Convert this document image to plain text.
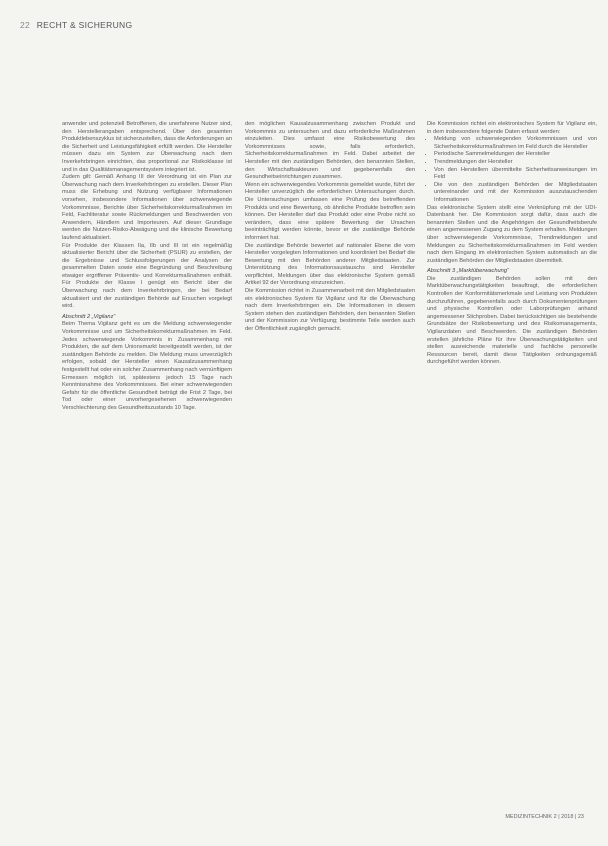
22 RECHT & SICHERUNG

anwender und potenziell Betroffenen, die unerfahrene Nutzer sind, den Herstellerangaben entsprechend. Über den gesamten Produktlebenszyklus ist sicherzustellen, dass die Anforderungen an die Sicherheit und Leistungsfähigkeit erfüllt werden. Die Hersteller müssen dazu ein System zur Überwachung nach dem Inverkehrbringen einrichten, das proportional zur Risikoklasse ist und in das Qualitätsmanagementsystem integriert ist.

Zudem gilt: Gemäß Anhang III der Verordnung ist ein Plan zur Überwachung nach dem Inverkehrbringen zu erstellen. Dieser Plan muss die Erhebung und Nutzung verfügbarer Informationen vorsehen, insbesondere Informationen über schwerwiegende Vorkommnisse, Berichte über Sicherheitskorrekturmaßnahmen im Feld, Fachliteratur sowie Rückmeldungen und Beschwerden von Anwendern, Händlern und Importeuren. Auf dieser Grundlage werden die Nutzen-Risiko-Abwägung und die klinische Bewertung laufend aktualisiert.

Für Produkte der Klassen IIa, IIb und III ist ein regelmäßig aktualisierter Bericht über die Sicherheit (PSUR) zu erstellen, der die Ergebnisse und Schlussfolgerungen der Analysen der gesammelten Daten sowie eine Begründung und Beschreibung etwaiger ergriffener Präventiv- und Korrekturmaßnahmen enthält. Für Produkte der Klasse I genügt ein Bericht über die Überwachung nach dem Inverkehrbringen, der bei Bedarf aktualisiert und der zuständigen Behörde auf Ersuchen vorgelegt wird.

Abschnitt 2 „Vigilanz“

Beim Thema Vigilanz geht es um die Meldung schwerwiegender Vorkommnisse und um Sicherheitskorrekturmaßnahmen im Feld. Jedes schwerwiegende Vorkommnis in Zusammenhang mit Produkten, die auf dem Unionsmarkt bereitgestellt werden, ist der zuständigen Behörde zu melden. Die Meldung muss unverzüglich erfolgen, sobald der Hersteller einen Kausalzusammenhang festgestellt hat oder ein solcher Zusammenhang nach vernünftigem Ermessen möglich ist, spätestens jedoch 15 Tage nach Kenntnisnahme des Vorkommnisses. Bei einer schwerwiegenden Gefahr für die öffentliche Gesundheit beträgt die Frist 2 Tage, bei Tod oder einer unvorhergesehenen schwerwiegenden Verschlechterung des Gesundheitszustands 10 Tage.

den möglichen Kausalzusammenhang zwischen Produkt und Vorkommnis zu untersuchen und dazu erforderliche Maßnahmen einzuleiten. Dies umfasst eine Risikobewertung des Vorkommnisses sowie, falls erforderlich, Sicherheitskorrekturmaßnahmen im Feld. Dabei arbeitet der Hersteller mit den zuständigen Behörden, den benannten Stellen, den Wirtschaftsakteuren und gegebenenfalls den Gesundheitseinrichtungen zusammen.

Wenn ein schwerwiegendes Vorkommnis gemeldet wurde, führt der Hersteller unverzüglich die erforderlichen Untersuchungen durch. Die Untersuchungen umfassen eine Prüfung des betreffenden Produkts und eine Bewertung, ob ähnliche Produkte betroffen sein können. Der Hersteller darf das Produkt oder eine Probe nicht so verändern, dass eine spätere Bewertung der Ursachen beeinträchtigt werden könnte, bevor er die zuständige Behörde informiert hat.

Die zuständige Behörde bewertet auf nationaler Ebene die vom Hersteller vorgelegten Informationen und koordiniert bei Bedarf die Bewertung mit den Behörden anderer Mitgliedstaaten. Zur Unterstützung des Informationsaustauschs sind Hersteller verpflichtet, Meldungen über das elektronische System gemäß Artikel 92 der Verordnung einzureichen.

Die Kommission richtet in Zusammenarbeit mit den Mitgliedstaaten ein elektronisches System für Vigilanz und für die Überwachung nach dem Inverkehrbringen ein. Die Informationen in diesem System stehen den zuständigen Behörden, den benannten Stellen und der Kommission zur Verfügung; bestimmte Teile werden auch der Öffentlichkeit zugänglich gemacht.

Die Kommission richtet ein elektronisches System für Vigilanz ein, in dem insbesondere folgende Daten erfasst werden:

• Meldung von schwerwiegenden Vorkommnissen und von Sicherheitskorrekturmaßnahmen im Feld durch die Hersteller
• Periodische Sammelmeldungen der Hersteller
• Trendmeldungen der Hersteller
• Von den Herstellern übermittelte Sicherheitsanweisungen im Feld
• Die von den zuständigen Behörden der Mitgliedstaaten untereinander und mit der Kommission auszutauschenden Informationen

Das elektronische System stellt eine Verknüpfung mit der UDI-Datenbank her. Die Kommission sorgt dafür, dass auch die benannten Stellen und die Angehörigen der Gesundheitsberufe einen angemessenen Zugang zu dem System erhalten. Meldungen über schwerwiegende Vorkommnisse, Trendmeldungen und Meldungen zu Sicherheitskorrekturmaßnahmen im Feld werden nach dem Eingang im elektronischen System automatisch an die zuständigen Behörden der Mitgliedstaaten übermittelt.

Abschnitt 3 „Marktüberwachung“

Die zuständigen Behörden sollen mit den Marktüberwachungstätigkeiten beauftragt, die erforderlichen Kontrollen der Konformitätsmerkmale und Leistung von Produkten durchzuführen, gegebenenfalls auch durch Dokumentenprüfungen und physische Kontrollen oder Laborprüfungen anhand angemessener Stichproben. Dabei berücksichtigen sie bestehende Grundsätze der Risikobewertung und des Risikomanagements, Vigilanzdaten und Beschwerden. Die zuständigen Behörden erstellen jährliche Pläne für ihre Überwachungstätigkeiten und stellen ausreichende materielle und fachliche personelle Ressourcen bereit, damit diese Tätigkeiten ordnungsgemäß durchgeführt werden können.

MEDIZINTECHNIK 2 | 2018 | 23
